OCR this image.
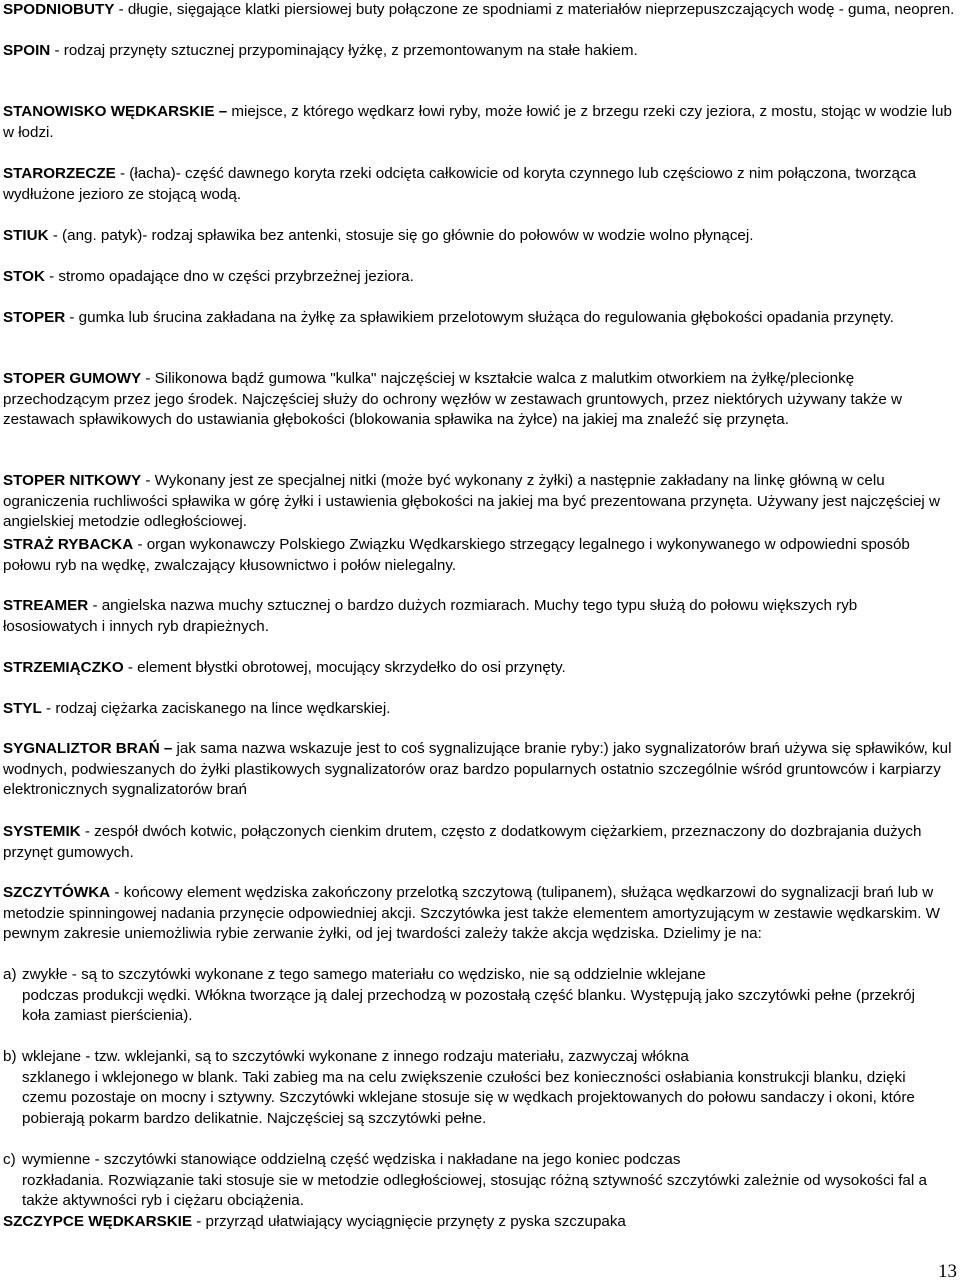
SPODNIOBUTY - długie, sięgające klatki piersiowej buty połączone ze spodniami z materiałów nieprzepuszczających wodę - guma, neopren.

SPOIN - rodzaj przynęty sztucznej przypominający łyżkę, z przemontowanym na stałe hakiem.

STANOWISKO WĘDKARSKIE – miejsce, z którego wędkarz łowi ryby, może łowić je z brzegu rzeki czy jeziora, z mostu, stojąc w wodzie lub w łodzi.

STARORZECZE - (łacha)- część dawnego koryta rzeki odcięta całkowicie od koryta czynnego lub częściowo z nim połączona, tworząca wydłużone jezioro ze stojącą wodą.

STIUK - (ang. patyk)- rodzaj spławika bez antenki, stosuje się go głównie do połowów w wodzie wolno płynącej.

STOK - stromo opadające dno w części przybrzeżnej jeziora.

STOPER - gumka lub śrucina zakładana na żyłkę za spławikiem przelotowym służąca do regulowania głębokości opadania przynęty.

STOPER GUMOWY - Silikonowa bądź gumowa "kulka" najczęściej w kształcie walca z malutkim otworkiem na żyłkę/plecionkę przechodzącym przez jego środek. Najczęściej służy do ochrony węzłów w zestawach gruntowych, przez niektórych używany także w zestawach spławikowych do ustawiania głębokości (blokowania spławika na żyłce) na jakiej ma znaleźć się przynęta.

STOPER NITKOWY - Wykonany jest ze specjalnej nitki (może być wykonany z żyłki) a następnie zakładany na linkę główną w celu ograniczenia ruchliwości spławika w górę żyłki i ustawienia głębokości na jakiej ma być prezentowana przynęta. Używany jest najczęściej w angielskiej metodzie odległościowej.

STRAŻ RYBACKA - organ wykonawczy Polskiego Związku Wędkarskiego strzegący legalnego i wykonywanego w odpowiedni sposób połowu ryb na wędkę, zwalczający kłusownictwo i połów nielegalny.

STREAMER - angielska nazwa muchy sztucznej o bardzo dużych rozmiarach. Muchy tego typu służą do połowu większych ryb łososiowatych i innych ryb drapieżnych.

STRZEMIĄCZKO - element błystki obrotowej, mocujący skrzydełko do osi przynęty.

STYL - rodzaj ciężarka zaciskanego na lince wędkarskiej.

SYGNALIZTOR BRAŃ – jak sama nazwa wskazuje jest to coś sygnalizujące branie ryby:) jako sygnalizatorów brań używa się spławików, kul wodnych, podwieszanych do żyłki plastikowych sygnalizatorów oraz bardzo popularnych ostatnio szczególnie wśród gruntowców i karpiarzy elektronicznych sygnalizatorów brań

SYSTEMIK - zespół dwóch kotwic, połączonych cienkim drutem, często z dodatkowym ciężarkiem, przeznaczony do dozbrajania dużych przynęt gumowych.

SZCZYTÓWKA - końcowy element wędziska zakończony przelotką szczytową (tulipanem), służąca wędkarzowi do sygnalizacji brań lub w metodzie spinningowej nadania przynęcie odpowiedniej akcji. Szczytówka jest także elementem amortyzującym w zestawie wędkarskim. W pewnym zakresie uniemożliwia rybie zerwanie żyłki, od jej twardości zależy także akcja wędziska. Dzielimy je na:

a) zwykłe - są to szczytówki wykonane z tego samego materiału co wędzisko, nie są oddzielnie wklejane
podczas produkcji wędki. Włókna tworzące ją dalej przechodzą w pozostałą część blanku. Występują jako szczytówki pełne (przekrój koła zamiast pierścienia).
b) wklejane - tzw. wklejanki, są to szczytówki wykonane z innego rodzaju materiału, zazwyczaj włókna
szklanego i wklejonego w blank. Taki zabieg ma na celu zwiększenie czułości bez konieczności osłabiania konstrukcji blanku, dzięki czemu pozostaje on mocny i sztywny. Szczytówki wklejane stosuje się w wędkach projektowanych do połowu sandaczy i okoni, które pobierają pokarm bardzo delikatnie. Najczęściej są szczytówki pełne.
c) wymienne - szczytówki stanowiące oddzielną część wędziska i nakładane na jego koniec podczas
rozkładania. Rozwiązanie taki stosuje sie w metodzie odległościowej, stosując różną sztywność szczytówki zależnie od wysokości fal a także aktywności ryb i ciężaru obciążenia.

SZCZYPCE WĘDKARSKIE - przyrząd ułatwiający wyciągnięcie przynęty z pyska szczupaka

13
